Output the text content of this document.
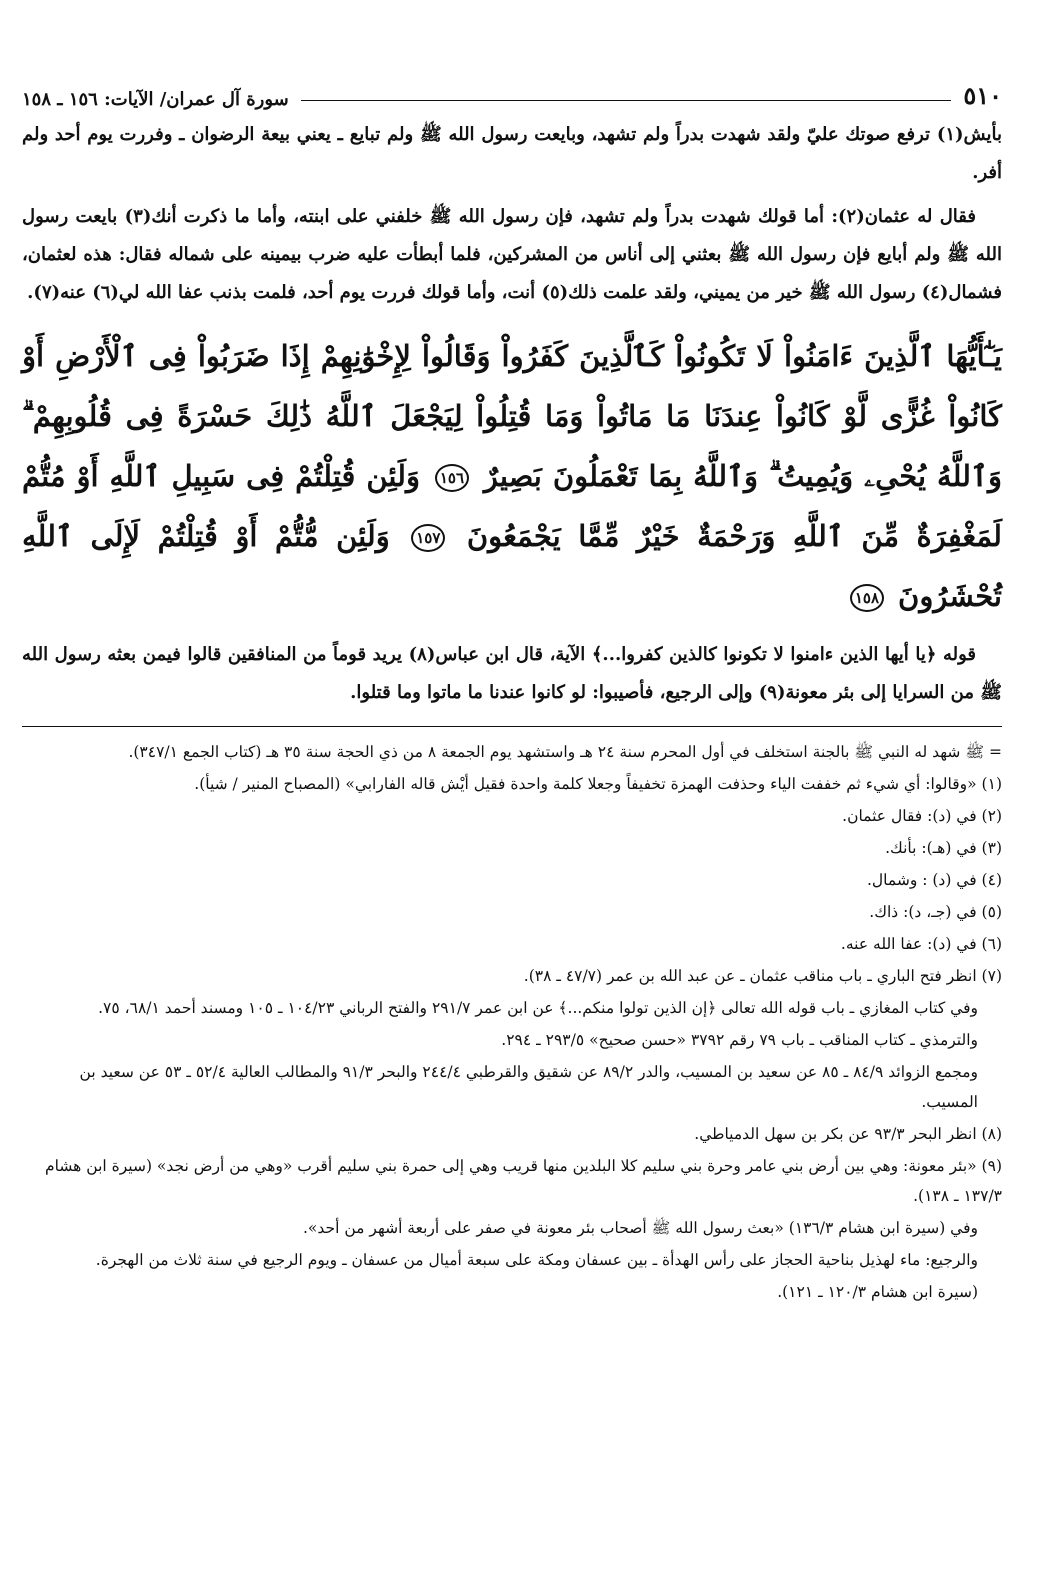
٥١٠
سورة آل عمران/ الآيات: ١٥٦ ـ ١٥٨

بأيش(١) ترفع صوتك عليّ ولقد شهدت بدراً ولم تشهد، وبايعت رسول الله ﷺ ولم تبايع ـ يعني بيعة الرضوان ـ وفررت يوم أحد ولم أفر.

فقال له عثمان(٢): أما قولك شهدت بدراً ولم تشهد، فإن رسول الله ﷺ خلفني على ابنته، وأما ما ذكرت أنك(٣) بايعت رسول الله ﷺ ولم أبايع فإن رسول الله ﷺ بعثني إلى أناس من المشركين، فلما أبطأت عليه ضرب بيمينه على شماله فقال: هذه لعثمان، فشمال(٤) رسول الله ﷺ خير من يميني، ولقد علمت ذلك(٥) أنت، وأما قولك فررت يوم أحد، فلمت بذنب عفا الله لي(٦) عنه(٧).

يَـٰٓأَيُّهَا ٱلَّذِينَ ءَامَنُواْ لَا تَكُونُواْ كَٱلَّذِينَ كَفَرُواْ وَقَالُواْ لِإِخْوَٰنِهِمْ إِذَا ضَرَبُواْ فِى ٱلْأَرْضِ أَوْ كَانُواْ غُزًّى لَّوْ كَانُواْ عِندَنَا مَا مَاتُواْ وَمَا قُتِلُواْ لِيَجْعَلَ ٱللَّهُ ذَٰلِكَ حَسْرَةً فِى قُلُوبِهِمْ ۗ وَٱللَّهُ يُحْىِۦ وَيُمِيتُ ۗ وَٱللَّهُ بِمَا تَعْمَلُونَ بَصِيرٌ ١٥٦ وَلَئِن قُتِلْتُمْ فِى سَبِيلِ ٱللَّهِ أَوْ مُتُّمْ لَمَغْفِرَةٌ مِّنَ ٱللَّهِ وَرَحْمَةٌ خَيْرٌ مِّمَّا يَجْمَعُونَ ١٥٧ وَلَئِن مُّتُّمْ أَوْ قُتِلْتُمْ لَإِلَى ٱللَّهِ تُحْشَرُونَ ١٥٨

قوله ﴿يا أيها الذين ءامنوا لا تكونوا كالذين كفروا...﴾ الآية، قال ابن عباس(٨) يريد قوماً من المنافقين قالوا فيمن بعثه رسول الله ﷺ من السرايا إلى بئر معونة(٩) وإلى الرجيع، فأصيبوا: لو كانوا عندنا ما ماتوا وما قتلوا.

= ﷺ شهد له النبي ﷺ بالجنة استخلف في أول المحرم سنة ٢٤ هـ واستشهد يوم الجمعة ٨ من ذي الحجة سنة ٣٥ هـ (كتاب الجمع ٣٤٧/١).
(١) «وقالوا: أي شيء ثم خففت الياء وحذفت الهمزة تخفيفاً وجعلا كلمة واحدة فقيل أيْش قاله الفارابي» (المصباح المنير / شيأ).
(٢) في (د): فقال عثمان.
(٣) في (هـ): بأنك.
(٤) في (د) : وشمال.
(٥) في (جـ، د): ذاك.
(٦) في (د): عفا الله عنه.
(٧) انظر فتح الباري ـ باب مناقب عثمان ـ عن عبد الله بن عمر (٤٧/٧ ـ ٣٨).
وفي كتاب المغازي ـ باب قوله الله تعالى ﴿إن الذين تولوا منكم...﴾ عن ابن عمر ٢٩١/٧ والفتح الرباني ١٠٤/٢٣ ـ ١٠٥ ومسند أحمد ٦٨/١، ٧٥.
والترمذي ـ كتاب المناقب ـ باب ٧٩ رقم ٣٧٩٢ «حسن صحيح» ٢٩٣/٥ ـ ٢٩٤.
ومجمع الزوائد ٨٤/٩ ـ ٨٥ عن سعيد بن المسيب، والدر ٨٩/٢ عن شقيق والقرطبي ٢٤٤/٤ والبحر ٩١/٣ والمطالب العالية ٥٢/٤ ـ ٥٣ عن سعيد بن المسيب.
(٨) انظر البحر ٩٣/٣ عن بكر بن سهل الدمياطي.
(٩) «بئر معونة: وهي بين أرض بني عامر وحرة بني سليم كلا البلدين منها قريب وهي إلى حمرة بني سليم أقرب «وهي من أرض نجد» (سيرة ابن هشام ١٣٧/٣ ـ ١٣٨).
وفي (سيرة ابن هشام ١٣٦/٣) «بعث رسول الله ﷺ أصحاب بئر معونة في صفر على أربعة أشهر من أحد».
والرجيع: ماء لهذيل بناحية الحجاز على رأس الهدأة ـ بين عسفان ومكة على سبعة أميال من عسفان ـ ويوم الرجيع في سنة ثلاث من الهجرة.
(سيرة ابن هشام ١٢٠/٣ ـ ١٢١).
